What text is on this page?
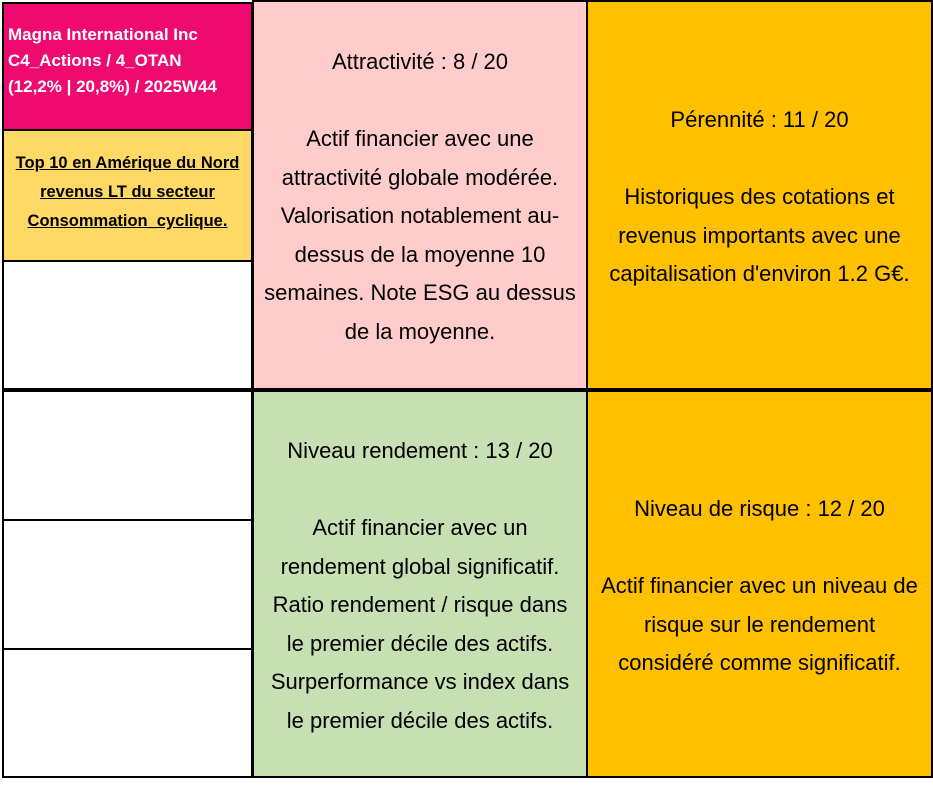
Magna International Inc
C4_Actions / 4_OTAN
(12,2% | 20,8%) / 2025W44
Top 10 en Amérique du Nord revenus LT du secteur Consommation_cyclique.
Attractivité : 8 / 20
Actif financier avec une
attractivité globale modérée.
Valorisation notablement au-
dessus de la moyenne 10
semaines. Note ESG au dessus
de la moyenne.
Pérennité : 11 / 20
Historiques des cotations et
revenus importants avec une
capitalisation d'environ 1.2 G€.
Niveau rendement : 13 / 20
Actif financier avec un
rendement global significatif.
Ratio rendement / risque dans
le premier décile des actifs.
Surperformance vs index dans
le premier décile des actifs.
Niveau de risque : 12 / 20
Actif financier avec un niveau de
risque sur le rendement
considéré comme significatif.
